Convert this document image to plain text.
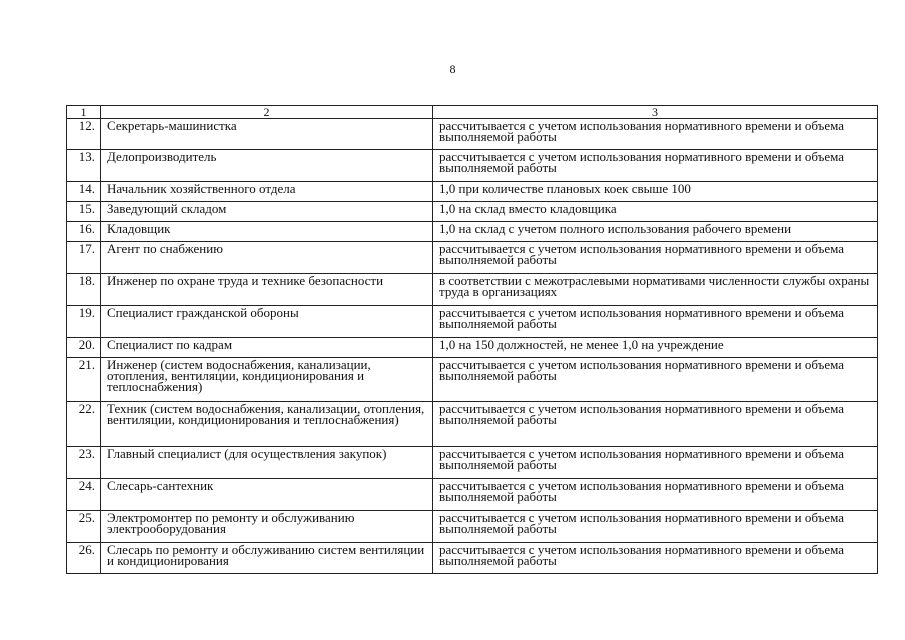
8
1	2	3
12.	Секретарь-машинистка	рассчитывается с учетом использования нормативного времени и объема выполняемой работы
13.	Делопроизводитель	рассчитывается с учетом использования нормативного времени и объема выполняемой работы
14.	Начальник хозяйственного отдела	1,0 при количестве плановых коек свыше 100
15.	Заведующий складом	1,0 на склад вместо кладовщика
16.	Кладовщик	1,0 на склад с учетом полного использования рабочего времени
17.	Агент по снабжению	рассчитывается с учетом использования нормативного времени и объема выполняемой работы
18.	Инженер по охране труда и технике безопасности	в соответствии с межотраслевыми нормативами численности службы охраны труда в организациях
19.	Специалист гражданской обороны	рассчитывается с учетом использования нормативного времени и объема выполняемой работы
20.	Специалист по кадрам	1,0 на 150 должностей, не менее 1,0 на учреждение
21.	Инженер (систем водоснабжения, канализации, отопления, вентиляции, кондиционирования и теплоснабжения)	рассчитывается с учетом использования нормативного времени и объема выполняемой работы
22.	Техник (систем водоснабжения, канализации, отопления, вентиляции, кондиционирования и теплоснабжения)	рассчитывается с учетом использования нормативного времени и объема выполняемой работы
23.	Главный специалист (для осуществления закупок)	рассчитывается с учетом использования нормативного времени и объема выполняемой работы
24.	Слесарь-сантехник	рассчитывается с учетом использования нормативного времени и объема выполняемой работы
25.	Электромонтер по ремонту и обслуживанию электрооборудования	рассчитывается с учетом использования нормативного времени и объема выполняемой работы
26.	Слесарь по ремонту и обслуживанию систем вентиляции и кондиционирования	рассчитывается с учетом использования нормативного времени и объема выполняемой работы
